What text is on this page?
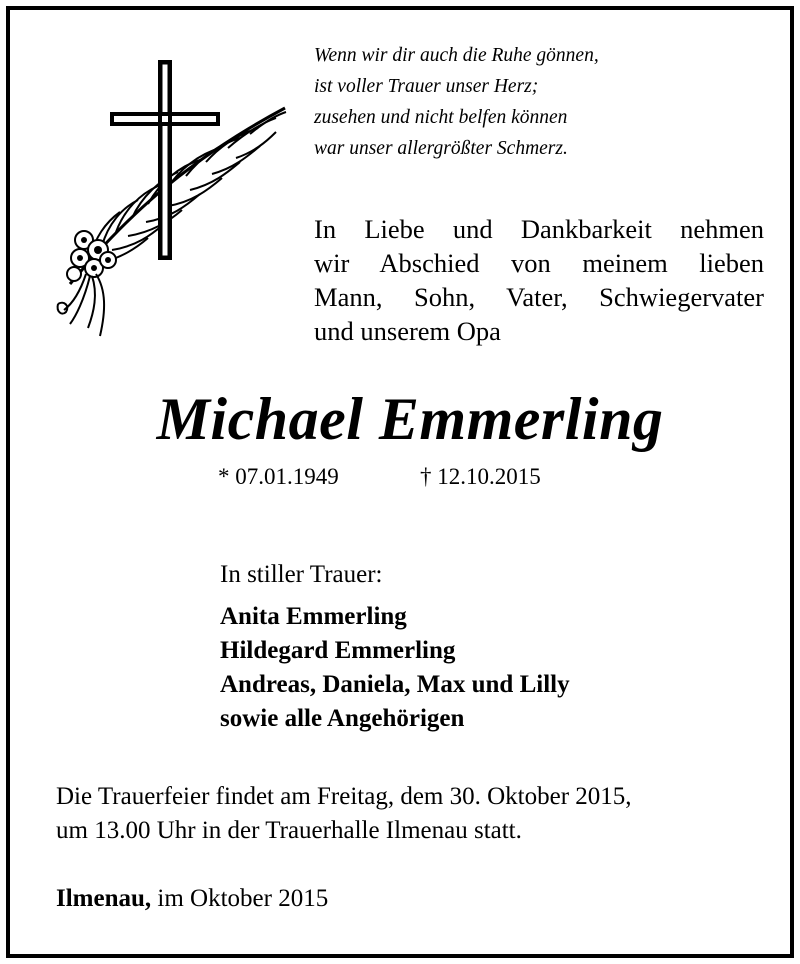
Wenn wir dir auch die Ruhe gönnen,
ist voller Trauer unser Herz;
zusehen und nicht belfen können
war unser allergrößter Schmerz.
In Liebe und Dankbarkeit nehmen
wir Abschied von meinem lieben
Mann, Sohn, Vater, Schwiegervater
und unserem Opa
Michael Emmerling
* 07.01.1949	† 12.10.2015
In stiller Trauer:
Anita Emmerling
Hildegard Emmerling
Andreas, Daniela, Max und Lilly
sowie alle Angehörigen
Die Trauerfeier findet am Freitag, dem 30. Oktober 2015,
um 13.00 Uhr in der Trauerhalle Ilmenau statt.
Ilmenau, im Oktober 2015
